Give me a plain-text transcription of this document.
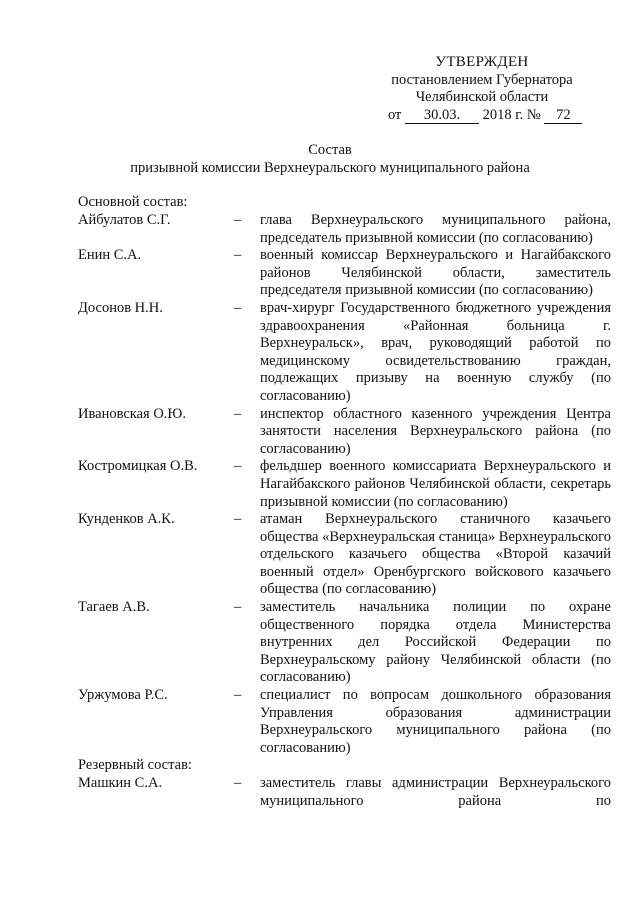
УТВЕРЖДЕН
постановлением Губернатора
Челябинской области
от 30.03. 2018 г. № 72
Состав
призывной комиссии Верхнеуральского муниципального района
Основной состав:
Айбулатов С.Г.	– глава Верхнеуральского муниципального района, председатель призывной комиссии (по согласованию)
Енин С.А.	– военный комиссар Верхнеуральского и Нагайбакского районов Челябинской области, заместитель председателя призывной комиссии (по согласованию)
Досонов Н.Н.	– врач-хирург Государственного бюджетного учреждения здравоохранения «Районная больница г. Верхнеуральск», врач, руководящий работой по медицинскому освидетельствованию граждан, подлежащих призыву на военную службу (по согласованию)
Ивановская О.Ю.	– инспектор областного казенного учреждения Центра занятости населения Верхнеуральского района (по согласованию)
Костромицкая О.В.	– фельдшер военного комиссариата Верхнеуральского и Нагайбакского районов Челябинской области, секретарь призывной комиссии (по согласованию)
Кунденков А.К.	– атаман Верхнеуральского станичного казачьего общества «Верхнеуральская станица» Верхнеуральского отдельского казачьего общества «Второй казачий военный отдел» Оренбургского войскового казачьего общества (по согласованию)
Тагаев А.В.	– заместитель начальника полиции по охране общественного порядка отдела Министерства внутренних дел Российской Федерации по Верхнеуральскому району Челябинской области (по согласованию)
Уржумова Р.С.	– специалист по вопросам дошкольного образования Управления образования администрации Верхнеуральского муниципального района (по согласованию)
Резервный состав:
Машкин С.А.	– заместитель главы администрации Верхнеуральского муниципального района по
